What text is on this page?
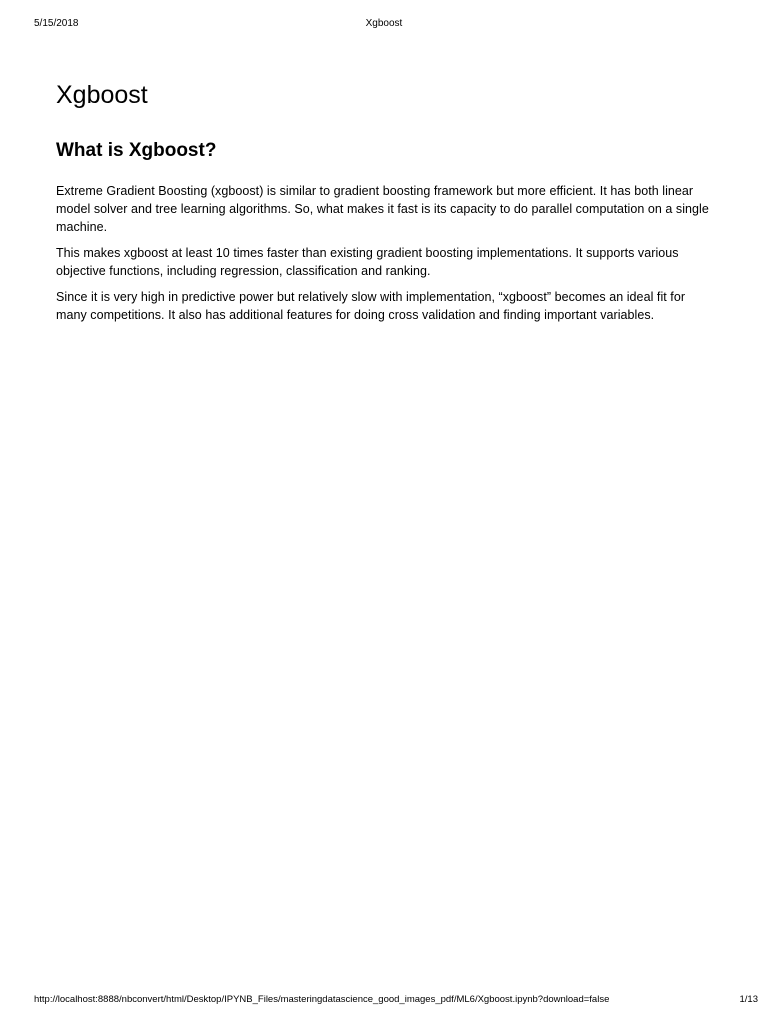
5/15/2018	Xgboost
Xgboost
What is Xgboost?

Extreme Gradient Boosting (xgboost) is similar to gradient boosting framework but more efficient. It has both linear model solver and tree learning algorithms. So, what makes it fast is its capacity to do parallel computation on a single machine.

This makes xgboost at least 10 times faster than existing gradient boosting implementations. It supports various objective functions, including regression, classification and ranking.

Since it is very high in predictive power but relatively slow with implementation, “xgboost” becomes an ideal fit for many competitions. It also has additional features for doing cross validation and finding important variables.

http://localhost:8888/nbconvert/html/Desktop/IPYNB_Files/masteringdatascience_good_images_pdf/ML6/Xgboost.ipynb?download=false	1/13
